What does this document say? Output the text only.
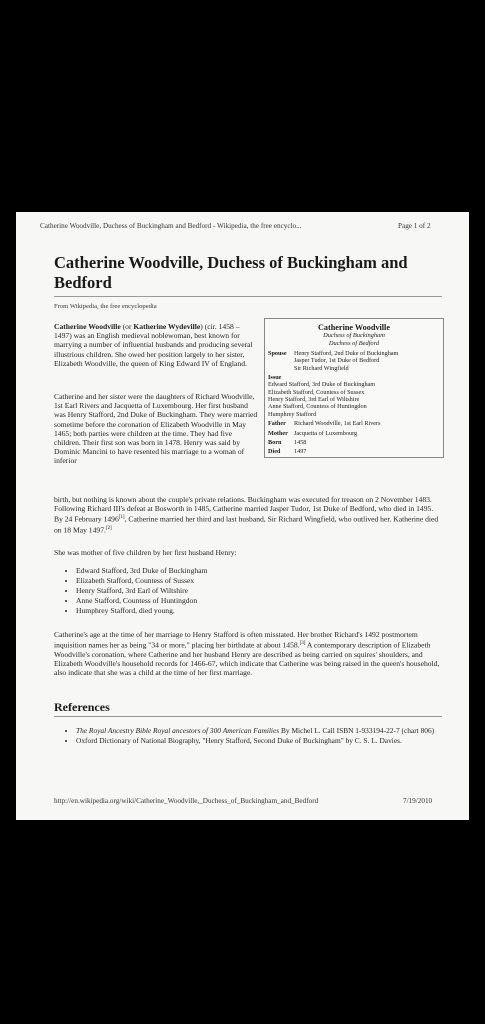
Catherine Woodville, Duchess of Buckingham and Bedford - Wikipedia, the free encyclo...	Page 1 of 2
Catherine Woodville, Duchess of Buckingham and Bedford
From Wikipedia, the free encyclopedia

Catherine Woodville (or Katherine Wydeville) (cir. 1458 – 1497) was an English medieval noblewoman, best known for marrying a number of influential husbands and producing several illustrious children. She owed her position largely to her sister, Elizabeth Woodville, the queen of King Edward IV of England.

Catherine and her sister were the daughters of Richard Woodville, 1st Earl Rivers and Jacquetta of Luxembourg. Her first husband was Henry Stafford, 2nd Duke of Buckingham. They were married sometime before the coronation of Elizabeth Woodville in May 1465; both parties were children at the time. They had five children. Their first son was born in 1478. Henry was said by Dominic Mancini to have resented his marriage to a woman of inferior

birth, but nothing is known about the couple's private relations. Buckingham was executed for treason on 2 November 1483. Following Richard III's defeat at Bosworth in 1485, Catherine married Jasper Tudor, 1st Duke of Bedford, who died in 1495. By 24 February 1496[1], Catherine married her third and last husband, Sir Richard Wingfield, who outlived her. Katherine died on 18 May 1497.[2]

She was mother of five children by her first husband Henry:

• Edward Stafford, 3rd Duke of Buckingham
• Elizabeth Stafford, Countess of Sussex
• Henry Stafford, 3rd Earl of Wiltshire
• Anne Stafford, Countess of Huntingdon
• Humphrey Stafford, died young.

Catherine's age at the time of her marriage to Henry Stafford is often misstated. Her brother Richard's 1492 postmortem inquisition names her as being "34 or more," placing her birthdate at about 1458.[3] A contemporary description of Elizabeth Woodville's coronation, where Catherine and her husband Henry are described as being carried on squires' shoulders, and Elizabeth Woodville's household records for 1466-67, which indicate that Catherine was being raised in the queen's household, also indicate that she was a child at the time of her first marriage.

References
• The Royal Ancestry Bible Royal ancestors of 300 American Families By Michel L. Call ISBN 1-933194-22-7 (chart 806)
• Oxford Dictionary of National Biography, "Henry Stafford, Second Duke of Buckingham" by C. S. L. Davies.
Catherine Woodville
Duchess of Buckingham
Duchess of Bedford
Spouse	Henry Stafford, 2nd Duke of Buckingham
Jasper Tudor, 1st Duke of Bedford
Sir Richard Wingfield
Issue
Edward Stafford, 3rd Duke of Buckingham
Elizabeth Stafford, Countess of Sussex
Henry Stafford, 3rd Earl of Wiltshire
Anne Stafford, Countess of Huntingdon
Humphrey Stafford
Father	Richard Woodville, 1st Earl Rivers
Mother Jacquetta of Luxembourg
Born	1458
Died	1497
http://en.wikipedia.org/wiki/Catherine_Woodville,_Duchess_of_Buckingham_and_Bedford	7/19/2010
